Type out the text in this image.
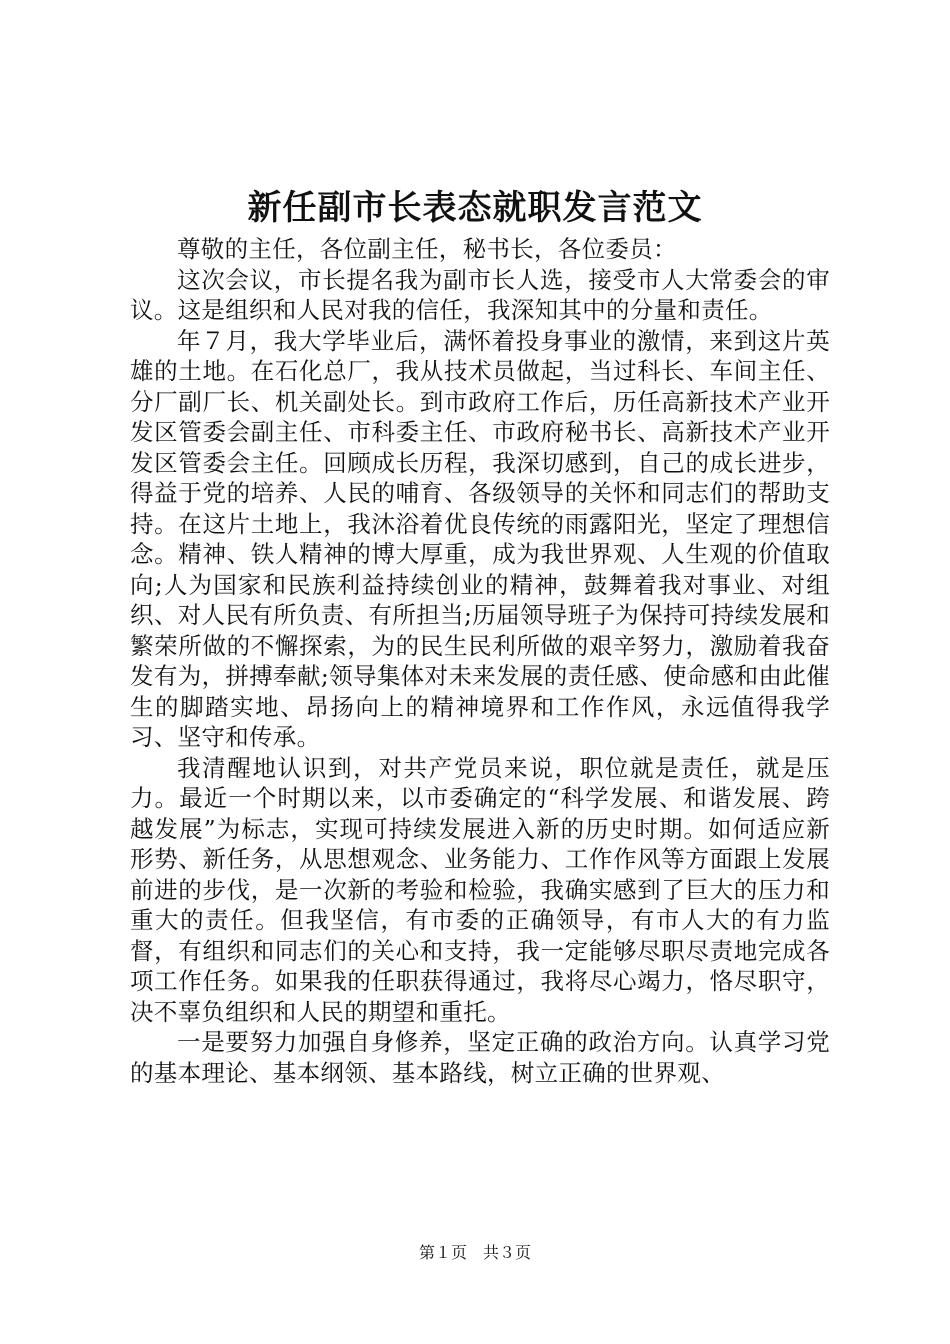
新任副市长表态就职发言范文

尊敬的主任，各位副主任，秘书长，各位委员：

这次会议，市长提名我为副市长人选，接受市人大常委会的审议。这是组织和人民对我的信任，我深知其中的分量和责任。

年７月，我大学毕业后，满怀着投身事业的激情，来到这片英雄的土地。在石化总厂，我从技术员做起，当过科长、车间主任、分厂副厂长、机关副处长。到市政府工作后，历任高新技术产业开发区管委会副主任、市科委主任、市政府秘书长、高新技术产业开发区管委会主任。回顾成长历程，我深切感到，自己的成长进步，得益于党的培养、人民的哺育、各级领导的关怀和同志们的帮助支持。在这片土地上，我沐浴着优良传统的雨露阳光，坚定了理想信念。精神、铁人精神的博大厚重，成为我世界观、人生观的价值取向;人为国家和民族利益持续创业的精神，鼓舞着我对事业、对组织、对人民有所负责、有所担当;历届领导班子为保持可持续发展和繁荣所做的不懈探索，为的民生民利所做的艰辛努力，激励着我奋发有为，拼搏奉献;领导集体对未来发展的责任感、使命感和由此催生的脚踏实地、昂扬向上的精神境界和工作作风，永远值得我学习、坚守和传承。

我清醒地认识到，对共产党员来说，职位就是责任，就是压力。最近一个时期以来，以市委确定的“科学发展、和谐发展、跨越发展”为标志，实现可持续发展进入新的历史时期。如何适应新形势、新任务，从思想观念、业务能力、工作作风等方面跟上发展前进的步伐，是一次新的考验和检验，我确实感到了巨大的压力和重大的责任。但我坚信，有市委的正确领导，有市人大的有力监督，有组织和同志们的关心和支持，我一定能够尽职尽责地完成各项工作任务。如果我的任职获得通过，我将尽心竭力，恪尽职守，决不辜负组织和人民的期望和重托。

一是要努力加强自身修养，坚定正确的政治方向。认真学习党的基本理论、基本纲领、基本路线，树立正确的世界观、

第１页　共３页
